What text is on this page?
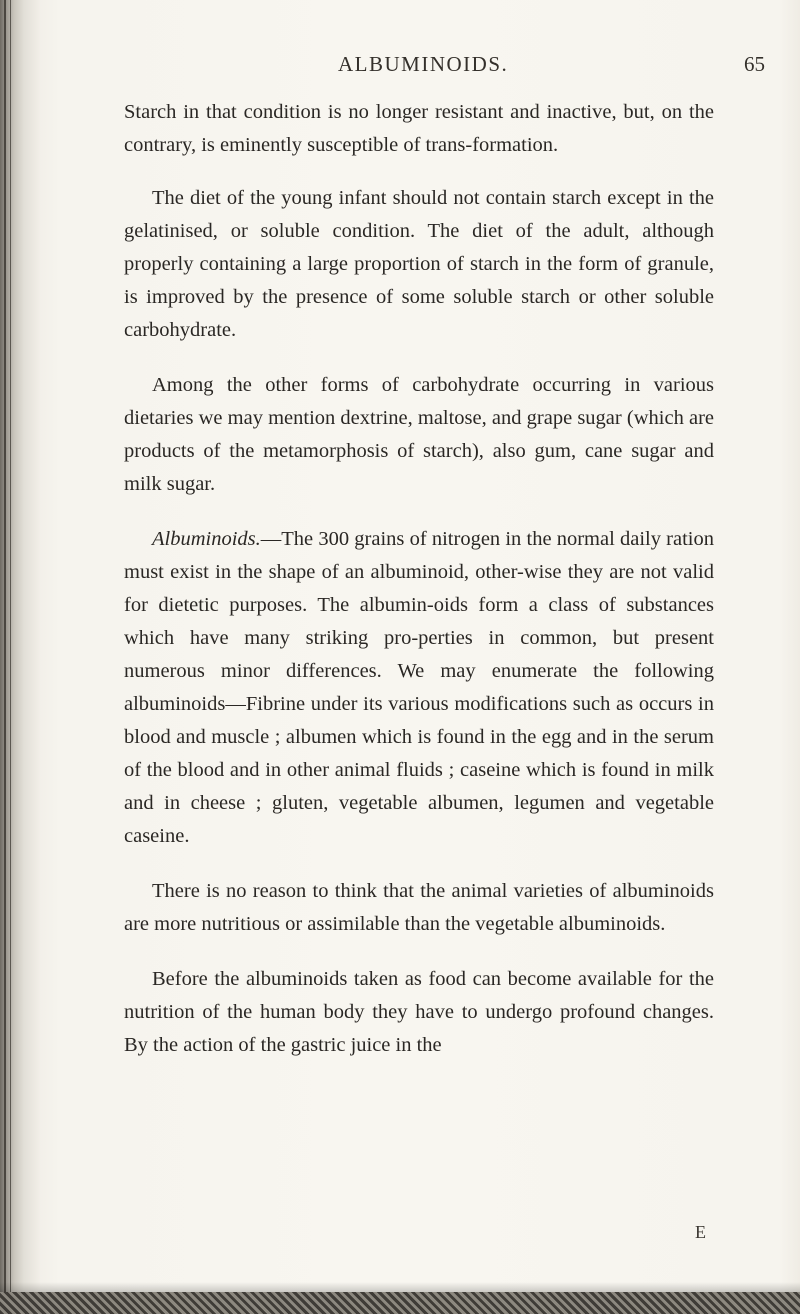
ALBUMINOIDS.	65

Starch in that condition is no longer resistant and inactive, but, on the contrary, is eminently susceptible of trans-formation.

The diet of the young infant should not contain starch except in the gelatinised, or soluble condition. The diet of the adult, although properly containing a large proportion of starch in the form of granule, is improved by the presence of some soluble starch or other soluble carbohydrate.

Among the other forms of carbohydrate occurring in various dietaries we may mention dextrine, maltose, and grape sugar (which are products of the metamorphosis of starch), also gum, cane sugar and milk sugar.

Albuminoids.—The 300 grains of nitrogen in the normal daily ration must exist in the shape of an albuminoid, other-wise they are not valid for dietetic purposes. The albumin-oids form a class of substances which have many striking pro-perties in common, but present numerous minor differences. We may enumerate the following albuminoids—Fibrine under its various modifications such as occurs in blood and muscle ; albumen which is found in the egg and in the serum of the blood and in other animal fluids ; caseine which is found in milk and in cheese ; gluten, vegetable albumen, legumen and vegetable caseine.

There is no reason to think that the animal varieties of albuminoids are more nutritious or assimilable than the vegetable albuminoids.

Before the albuminoids taken as food can become available for the nutrition of the human body they have to undergo profound changes. By the action of the gastric juice in the

E
